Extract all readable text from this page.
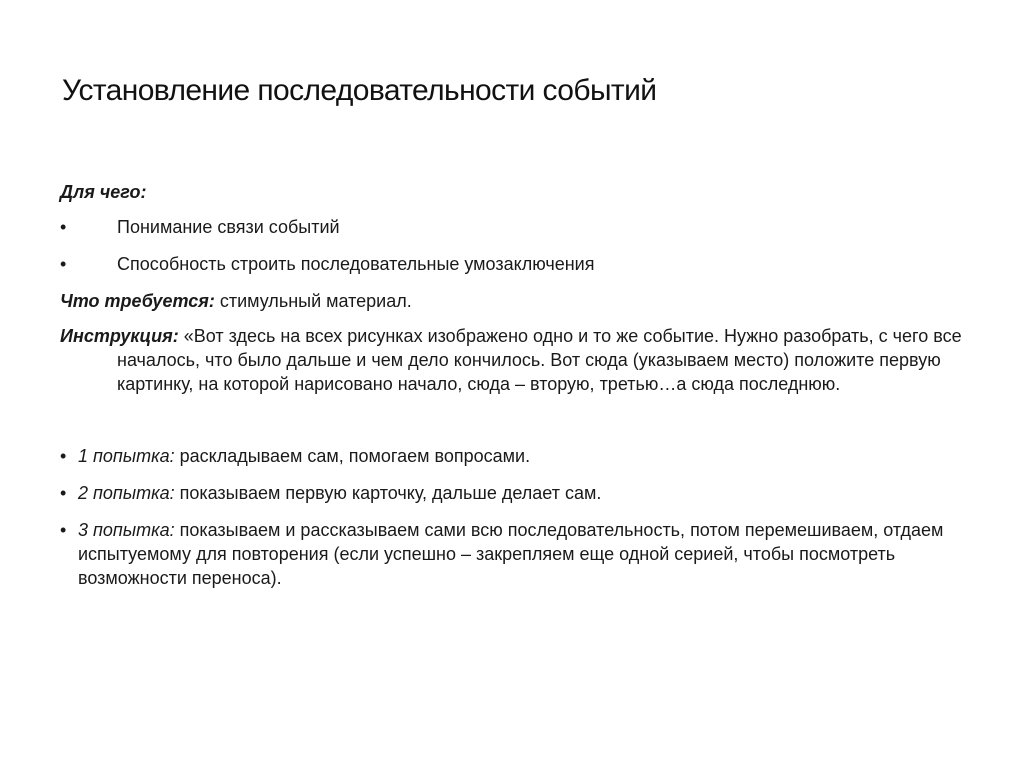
Установление последовательности событий

Для чего:

•	Понимание связи событий
•	Способность строить последовательные умозаключения

Что требуется: стимульный материал.

Инструкция: «Вот здесь на всех рисунках изображено одно и то же событие. Нужно разобрать, с чего все началось, что было дальше и чем дело кончилось. Вот сюда (указываем место) положите первую картинку, на которой нарисовано начало, сюда – вторую, третью…а сюда последнюю.

• 1 попытка: раскладываем сам, помогаем вопросами.
• 2 попытка: показываем первую карточку, дальше делает сам.
• 3 попытка: показываем и рассказываем сами всю последовательность, потом перемешиваем, отдаем испытуемому для повторения (если успешно – закрепляем еще одной серией, чтобы посмотреть возможности переноса).
